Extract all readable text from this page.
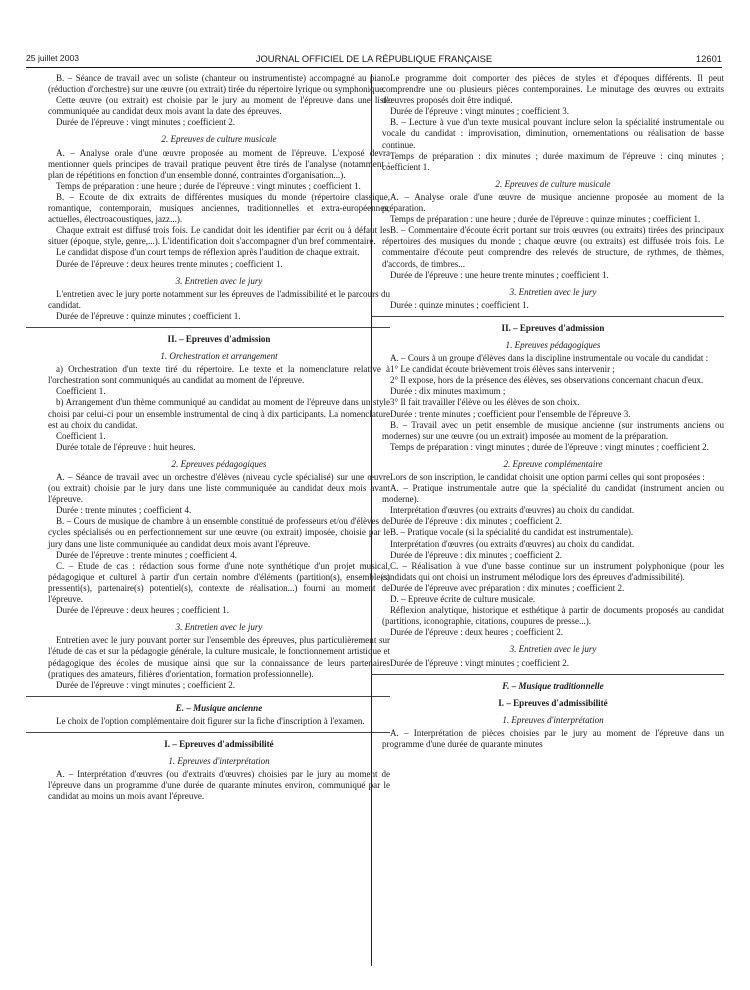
25 juillet 2003	JOURNAL OFFICIEL DE LA RÉPUBLIQUE FRANÇAISE	12601

B. – Séance de travail avec un soliste (chanteur ou instrumentiste) accompagné au piano (réduction d'orchestre) sur une œuvre (ou extrait) tirée du répertoire lyrique ou symphonique.

Cette œuvre (ou extrait) est choisie par le jury au moment de l'épreuve dans une liste communiquée au candidat deux mois avant la date des épreuves.

Durée de l'épreuve : vingt minutes ; coefficient 2.

2. Epreuves de culture musicale

A. – Analyse orale d'une œuvre proposée au moment de l'épreuve. L'exposé devra mentionner quels principes de travail pratique peuvent être tirés de l'analyse (notamment : plan de répétitions en fonction d'un ensemble donné, contraintes d'organisation...).

Temps de préparation : une heure ; durée de l'épreuve : vingt minutes ; coefficient 1.

B. – Ecoute de dix extraits de différentes musiques du monde (répertoire classique, romantique, contemporain, musiques anciennes, traditionnelles et extra-européennes, actuelles, électroacoustiques, jazz...).

Chaque extrait est diffusé trois fois. Le candidat doit les identifier par écrit ou à défaut les situer (époque, style, genre,...). L'identification doit s'accompagner d'un bref commentaire.

Le candidat dispose d'un court temps de réflexion après l'audition de chaque extrait.

Durée de l'épreuve : deux heures trente minutes ; coefficient 1.

3. Entretien avec le jury

L'entretien avec le jury porte notamment sur les épreuves de l'admissibilité et le parcours du candidat.

Durée de l'épreuve : quinze minutes ; coefficient 1.

II. – Epreuves d'admission

1. Orchestration et arrangement

a) Orchestration d'un texte tiré du répertoire. Le texte et la nomenclature relative à l'orchestration sont communiqués au candidat au moment de l'épreuve.

Coefficient 1.

b) Arrangement d'un thème communiqué au candidat au moment de l'épreuve dans un style choisi par celui-ci pour un ensemble instrumental de cinq à dix participants. La nomenclature est au choix du candidat.

Coefficient 1.

Durée totale de l'épreuve : huit heures.

2. Epreuves pédagogiques

A. – Séance de travail avec un orchestre d'élèves (niveau cycle spécialisé) sur une œuvre (ou extrait) choisie par le jury dans une liste communiquée au candidat deux mois avant l'épreuve.

Durée : trente minutes ; coefficient 4.

B. – Cours de musique de chambre à un ensemble constitué de professeurs et/ou d'élèves de cycles spécialisés ou en perfectionnement sur une œuvre (ou extrait) imposée, choisie par le jury dans une liste communiquée au candidat deux mois avant l'épreuve.

Durée de l'épreuve : trente minutes ; coefficient 4.

C. – Etude de cas : rédaction sous forme d'une note synthétique d'un projet musical, pédagogique et culturel à partir d'un certain nombre d'éléments (partition(s), ensemble(s) pressenti(s), partenaire(s) potentiel(s), contexte de réalisation...) fourni au moment de l'épreuve.

Durée de l'épreuve : deux heures ; coefficient 1.

3. Entretien avec le jury

Entretien avec le jury pouvant porter sur l'ensemble des épreuves, plus particulièrement sur l'étude de cas et sur la pédagogie générale, la culture musicale, le fonctionnement artistique et pédagogique des écoles de musique ainsi que sur la connaissance de leurs partenaires (pratiques des amateurs, filières d'orientation, formation professionnelle).

Durée de l'épreuve : vingt minutes ; coefficient 2.

E. – Musique ancienne

Le choix de l'option complémentaire doit figurer sur la fiche d'inscription à l'examen.

I. – Epreuves d'admissibilité

1. Epreuves d'interprétation

A. – Interprétation d'œuvres (ou d'extraits d'œuvres) choisies par le jury au moment de l'épreuve dans un programme d'une durée de quarante minutes environ, communiqué par le candidat au moins un mois avant l'épreuve.

Le programme doit comporter des pièces de styles et d'époques différents. Il peut comprendre une ou plusieurs pièces contemporaines. Le minutage des œuvres ou extraits d'œuvres proposés doit être indiqué.

Durée de l'épreuve : vingt minutes ; coefficient 3.

B. – Lecture à vue d'un texte musical pouvant inclure selon la spécialité instrumentale ou vocale du candidat : improvisation, diminution, ornementations ou réalisation de basse continue.

Temps de préparation : dix minutes ; durée maximum de l'épreuve : cinq minutes ; coefficient 1.

2. Epreuves de culture musicale

A. – Analyse orale d'une œuvre de musique ancienne proposée au moment de la préparation.

Temps de préparation : une heure ; durée de l'épreuve : quinze minutes ; coefficient 1.

B. – Commentaire d'écoute écrit portant sur trois œuvres (ou extraits) tirées des principaux répertoires des musiques du monde ; chaque œuvre (ou extraits) est diffusée trois fois. Le commentaire d'écoute peut comprendre des relevés de structure, de rythmes, de thèmes, d'accords, de timbres...

Durée de l'épreuve : une heure trente minutes ; coefficient 1.

3. Entretien avec le jury

Durée : quinze minutes ; coefficient 1.

II. – Epreuves d'admission

1. Epreuves pédagogiques

A. – Cours à un groupe d'élèves dans la discipline instrumentale ou vocale du candidat :

1° Le candidat écoute brièvement trois élèves sans intervenir ;

2° Il expose, hors de la présence des élèves, ses observations concernant chacun d'eux.

Durée : dix minutes maximum ;

3° Il fait travailler l'élève ou les élèves de son choix.

Durée : trente minutes ; coefficient pour l'ensemble de l'épreuve 3.

B. – Travail avec un petit ensemble de musique ancienne (sur instruments anciens ou modernes) sur une œuvre (ou un extrait) imposée au moment de la préparation.

Temps de préparation : vingt minutes ; durée de l'épreuve : vingt minutes ; coefficient 2.

2. Epreuve complémentaire

Lors de son inscription, le candidat choisit une option parmi celles qui sont proposées :

A. – Pratique instrumentale autre que la spécialité du candidat (instrument ancien ou moderne).

Interprétation d'œuvres (ou extraits d'œuvres) au choix du candidat.

Durée de l'épreuve : dix minutes ; coefficient 2.

B. – Pratique vocale (si la spécialité du candidat est instrumentale).

Interprétation d'œuvres (ou extraits d'œuvres) au choix du candidat.

Durée de l'épreuve : dix minutes ; coefficient 2.

C. – Réalisation à vue d'une basse continue sur un instrument polyphonique (pour les candidats qui ont choisi un instrument mélodique lors des épreuves d'admissibilité).

Durée de l'épreuve avec préparation : dix minutes ; coefficient 2.

D. – Epreuve écrite de culture musicale.

Réflexion analytique, historique et esthétique à partir de documents proposés au candidat (partitions, iconographie, citations, coupures de presse...).

Durée de l'épreuve : deux heures ; coefficient 2.

3. Entretien avec le jury

Durée de l'épreuve : vingt minutes ; coefficient 2.

F. – Musique traditionnelle

I. – Epreuves d'admissibilité

1. Epreuves d'interprétation

A. – Interprétation de pièces choisies par le jury au moment de l'épreuve dans un programme d'une durée de quarante minutes
